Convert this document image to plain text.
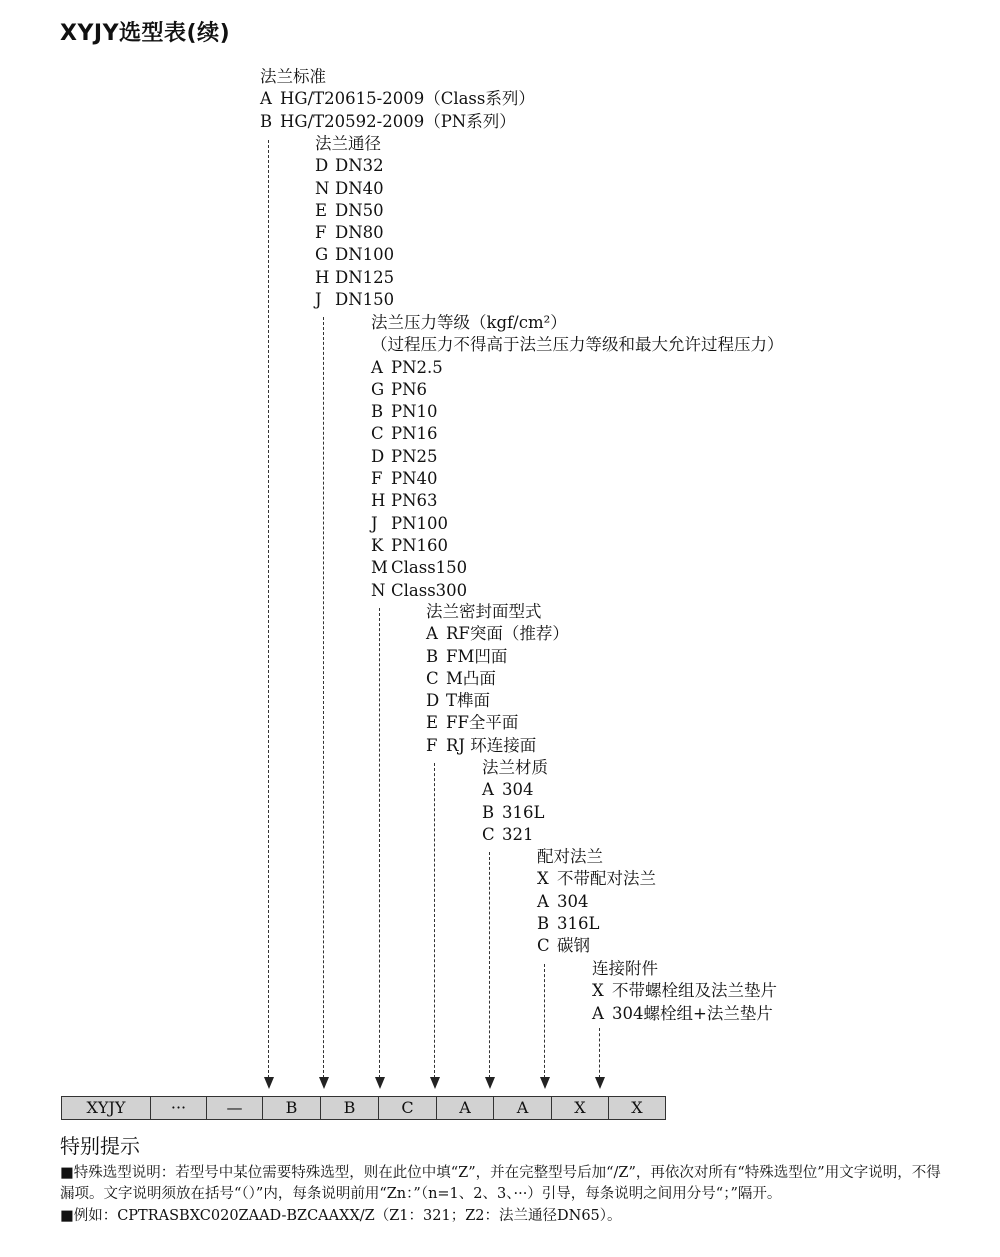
XYJY选型表(续)
法兰标准
A HG/T20615-2009（Class系列）
B HG/T20592-2009（PN系列）
法兰通径
D DN32
N DN40
E DN50
F DN80
G DN100
H DN125
J DN150
法兰压力等级（kgf/cm²）
（过程压力不得高于法兰压力等级和最大允许过程压力）
A PN2.5
G PN6
B PN10
C PN16
D PN25
F PN40
H PN63
J PN100
K PN160
M Class150
N Class300
法兰密封面型式
A RF突面（推荐）
B FM凹面
C M凸面
D T榫面
E FF全平面
F RJ 环连接面
法兰材质
A 304
B 316L
C 321
配对法兰
X 不带配对法兰
A 304
B 316L
C 碳钢
连接附件
X 不带螺栓组及法兰垫片
A 304螺栓组+法兰垫片
XYJY	···	—	B	B	C	A	A	X	X
特别提示

■特殊选型说明：若型号中某位需要特殊选型，则在此位中填“Z”，并在完整型号后加“/Z”，再依次对所有“特殊选型位”用文字说明，不得漏项。文字说明须放在括号“（）”内，每条说明前用“Zn：”（n=1、2、3、···）引导，每条说明之间用分号“；”隔开。

■例如：CPTRASBXC020ZAAD-BZCAAXX/Z（Z1：321；Z2：法兰通径DN65）。
